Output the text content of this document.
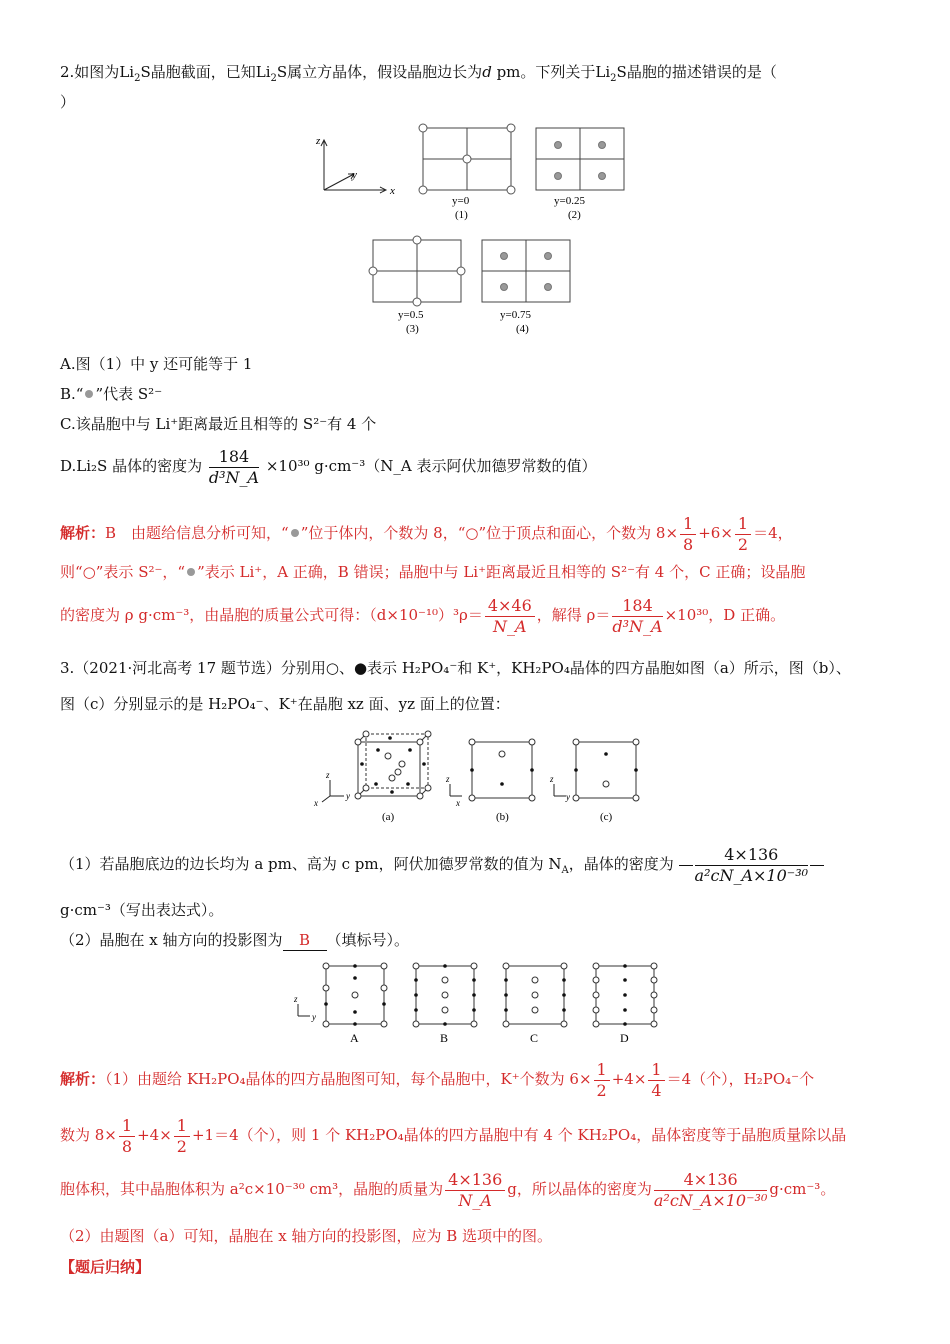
2.如图为$Li_2S$晶胞截面，已知$Li_2S$属立方晶体，假设晶胞边长为d pm。下列关于$Li_2S$晶胞的描述错误的是（
）
z
y
x
y=0
(1)
y=0.25
(2)
y=0.5
(3)
y=0.75
(4)
A.图（1）中 y 还可能等于 1
B.“ ”代表 S²⁻
C.该晶胞中与 Li⁺距离最近且相等的 S²⁻有 4 个
D.Li₂S 晶体的密度为 $\frac{184}{\text{d³N\_A}} \times 10^{30}$ g·cm⁻³（N_A 表示阿伏加德罗常数的值）
解析：B　由题给信息分析可知，“ ”位于体内，个数为 8，“○”位于顶点和面心，个数为 $8\times \frac{1}{8} +6\times \frac{1}{2} =4$，
则“○”表示 S²⁻，“ ”表示 Li⁺，A 正确，B 错误；晶胞中与 Li⁺距离最近且相等的 S²⁻有 4 个，C 正确；设晶胞
的密度为 ρ g·cm⁻³，由晶胞的质量公式可得：$(d\times 10^{-10})^3\rho= \frac{4\times 46}{N\_A}$ ，解得 $\rho= \frac{184}{\text{d³N\_A}} \times 10^{30}$，D 正确。
3.（2021·河北高考 17 题节选）分别用○、●表示 H₂PO₄⁻和 K⁺，KH₂PO₄晶体的四方晶胞如图（a）所示，图（b）、
图（c）分别显示的是 H₂PO₄⁻、K⁺在晶胞 xz 面、yz 面上的位置：
z
y
x
(a)
z
x
(b)
z
y
(c)
（1）若晶胞底边的边长均为 a pm、高为 c pm，阿伏加德罗常数的值为 $N_A$，晶体的密度为 $\frac{4\times 136}{\text{a²cN\_A×10⁻³⁰}}$
g·cm⁻³（写出表达式）。
（2）晶胞在 x 轴方向的投影图为 B （填标号）。
z
y
A	B	C	D
解析：（1）由题给 KH₂PO₄晶体的四方晶胞图可知，每个晶胞中，K⁺个数为 $6\times \frac{1}{2} +4\times \frac{1}{4} =4$（个），H₂PO₄⁻个
数为 $8\times \frac{1}{8} +4\times \frac{1}{2} +1=4$（个），则 1 个 KH₂PO₄晶体的四方晶胞中有 4 个 KH₂PO₄，晶体密度等于晶胞质量除以晶
胞体积，其中晶胞体积为 a²c×10⁻³⁰ cm³，晶胞的质量为 $\frac{4\times 136}{N\_A}$ g，所以晶体的密度为 $\frac{4\times 136}{\text{a²cN\_A×10⁻³⁰}} g\cdot cm^{-3}$。
（2）由题图（a）可知，晶胞在 x 轴方向的投影图，应为 B 选项中的图。
【题后归纳】
